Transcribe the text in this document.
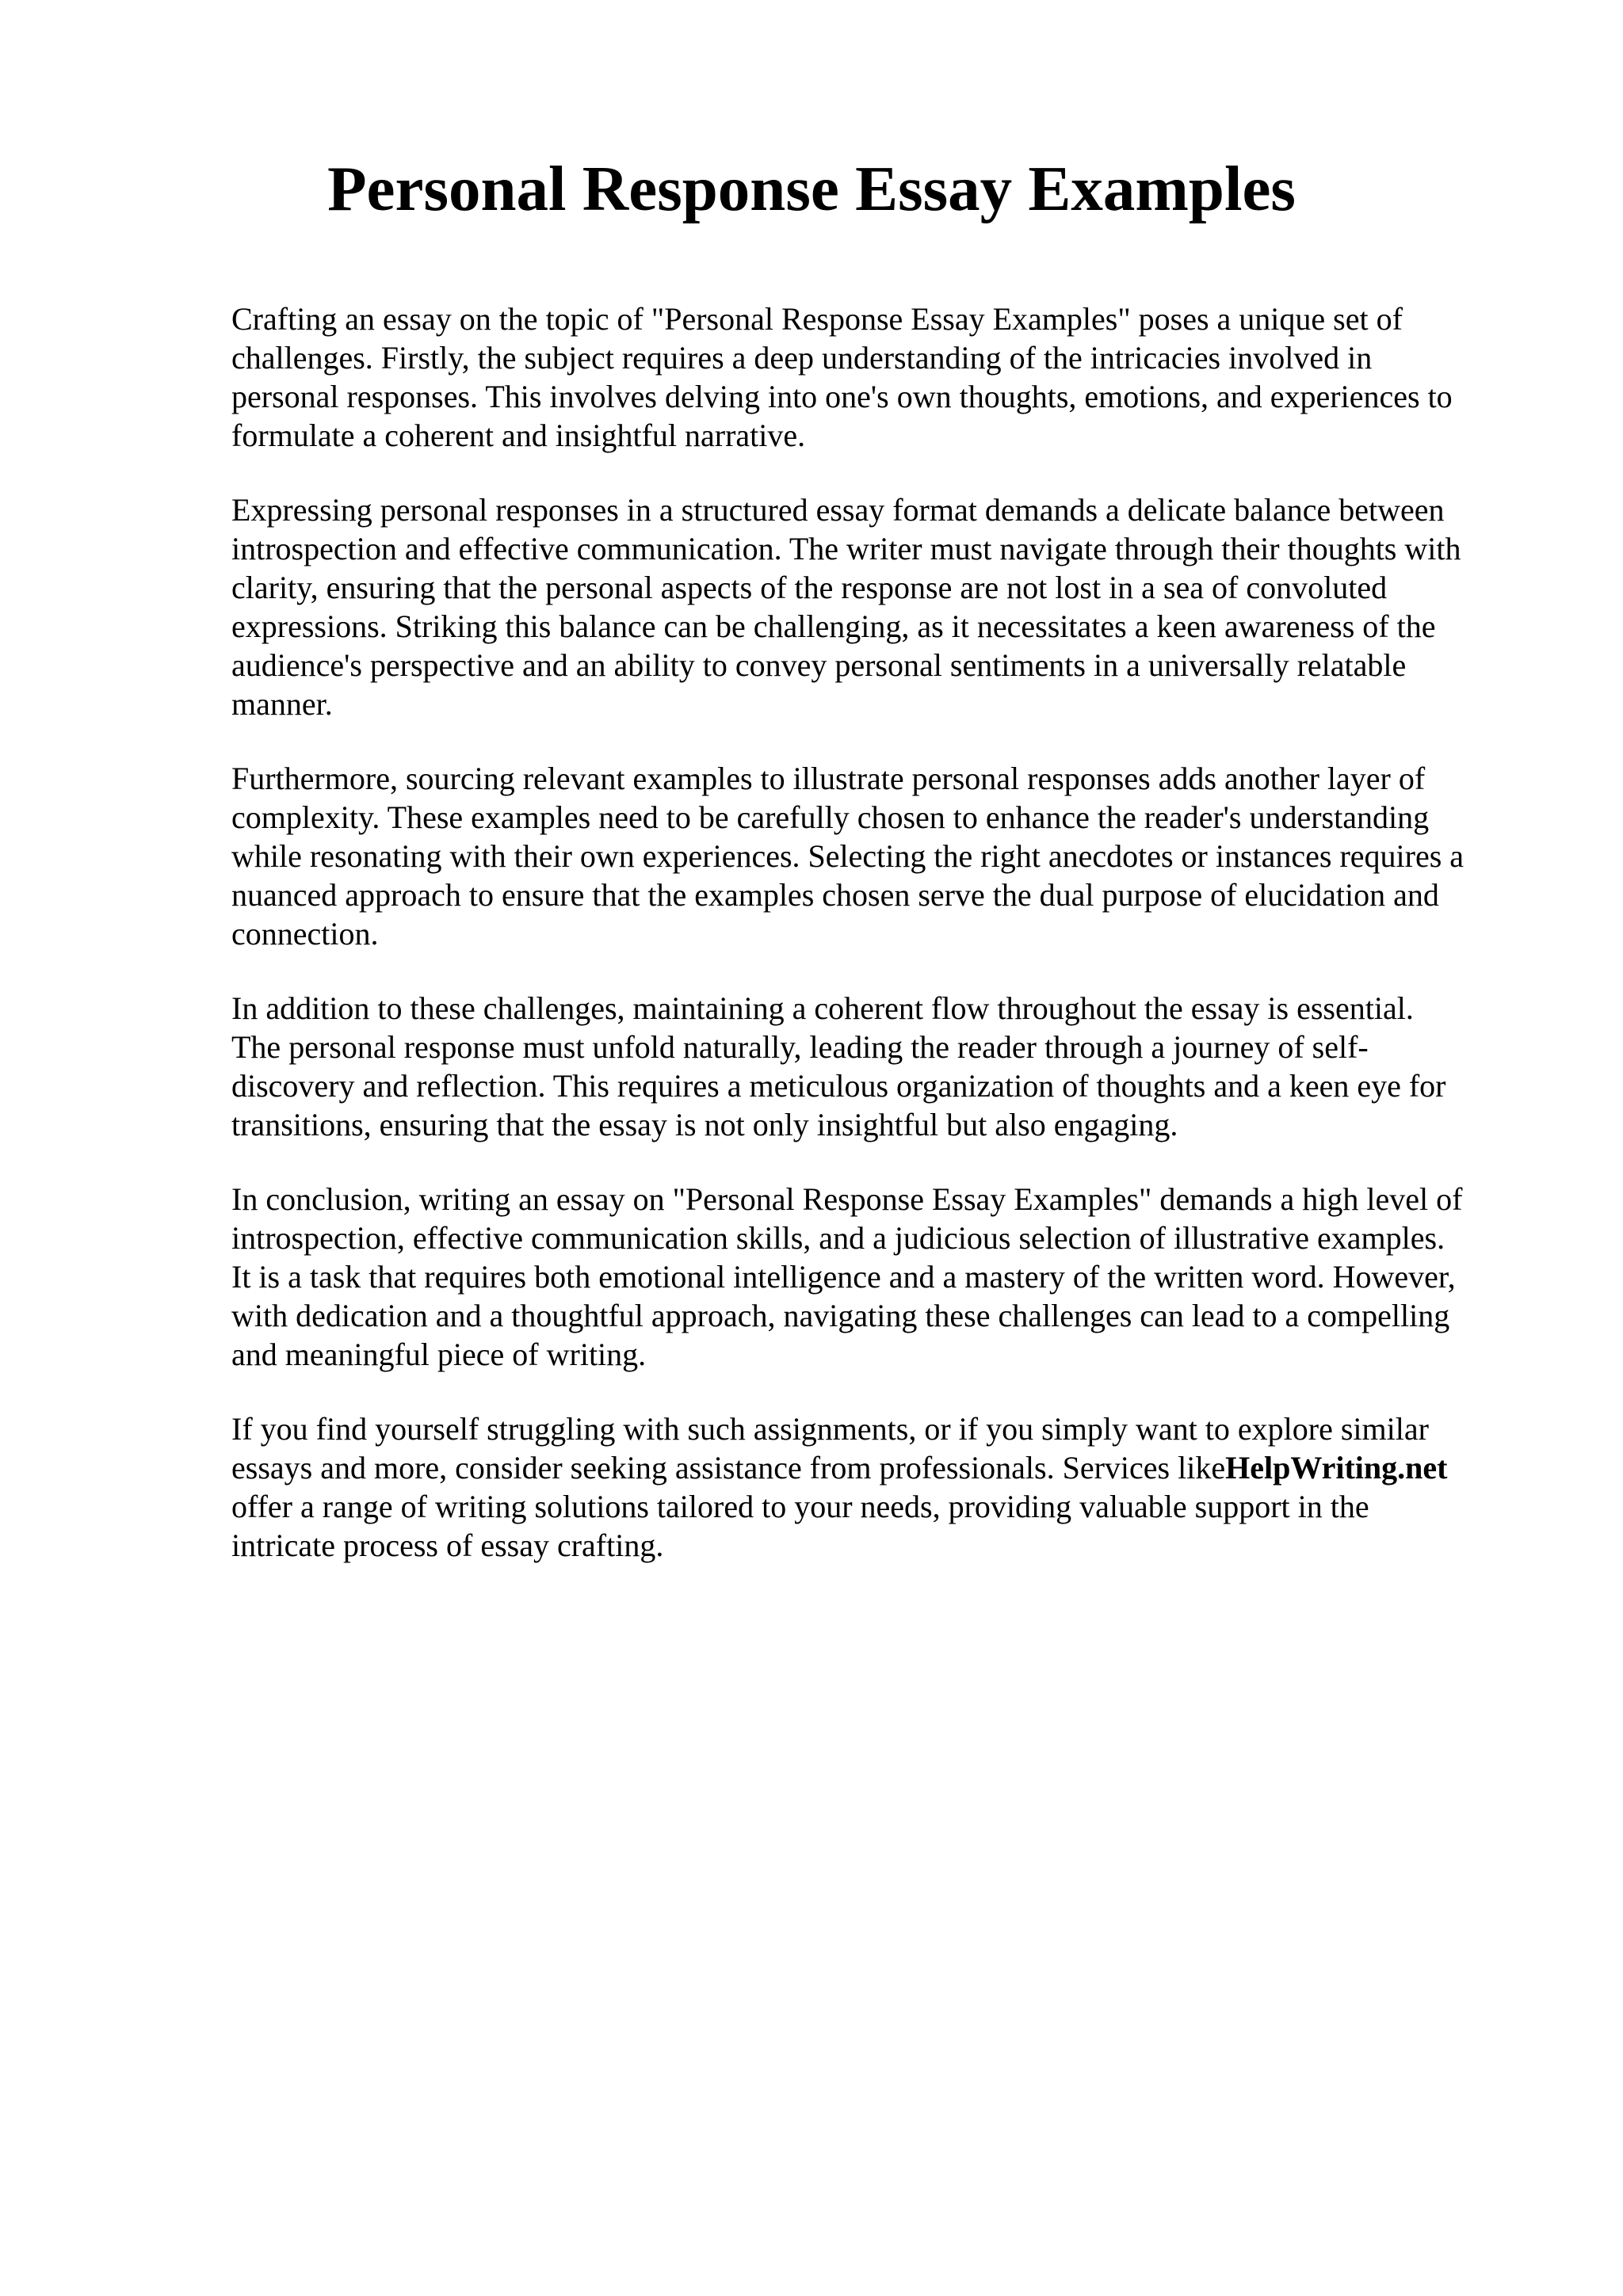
Personal Response Essay Examples

Crafting an essay on the topic of "Personal Response Essay Examples" poses a unique set of
challenges. Firstly, the subject requires a deep understanding of the intricacies involved in
personal responses. This involves delving into one's own thoughts, emotions, and experiences to
formulate a coherent and insightful narrative.

Expressing personal responses in a structured essay format demands a delicate balance between
introspection and effective communication. The writer must navigate through their thoughts with
clarity, ensuring that the personal aspects of the response are not lost in a sea of convoluted
expressions. Striking this balance can be challenging, as it necessitates a keen awareness of the
audience's perspective and an ability to convey personal sentiments in a universally relatable
manner.

Furthermore, sourcing relevant examples to illustrate personal responses adds another layer of
complexity. These examples need to be carefully chosen to enhance the reader's understanding
while resonating with their own experiences. Selecting the right anecdotes or instances requires a
nuanced approach to ensure that the examples chosen serve the dual purpose of elucidation and
connection.

In addition to these challenges, maintaining a coherent flow throughout the essay is essential.
The personal response must unfold naturally, leading the reader through a journey of self-
discovery and reflection. This requires a meticulous organization of thoughts and a keen eye for
transitions, ensuring that the essay is not only insightful but also engaging.

In conclusion, writing an essay on "Personal Response Essay Examples" demands a high level of
introspection, effective communication skills, and a judicious selection of illustrative examples.
It is a task that requires both emotional intelligence and a mastery of the written word. However,
with dedication and a thoughtful approach, navigating these challenges can lead to a compelling
and meaningful piece of writing.

If you find yourself struggling with such assignments, or if you simply want to explore similar
essays and more, consider seeking assistance from professionals. Services likeHelpWriting.net
offer a range of writing solutions tailored to your needs, providing valuable support in the
intricate process of essay crafting.
